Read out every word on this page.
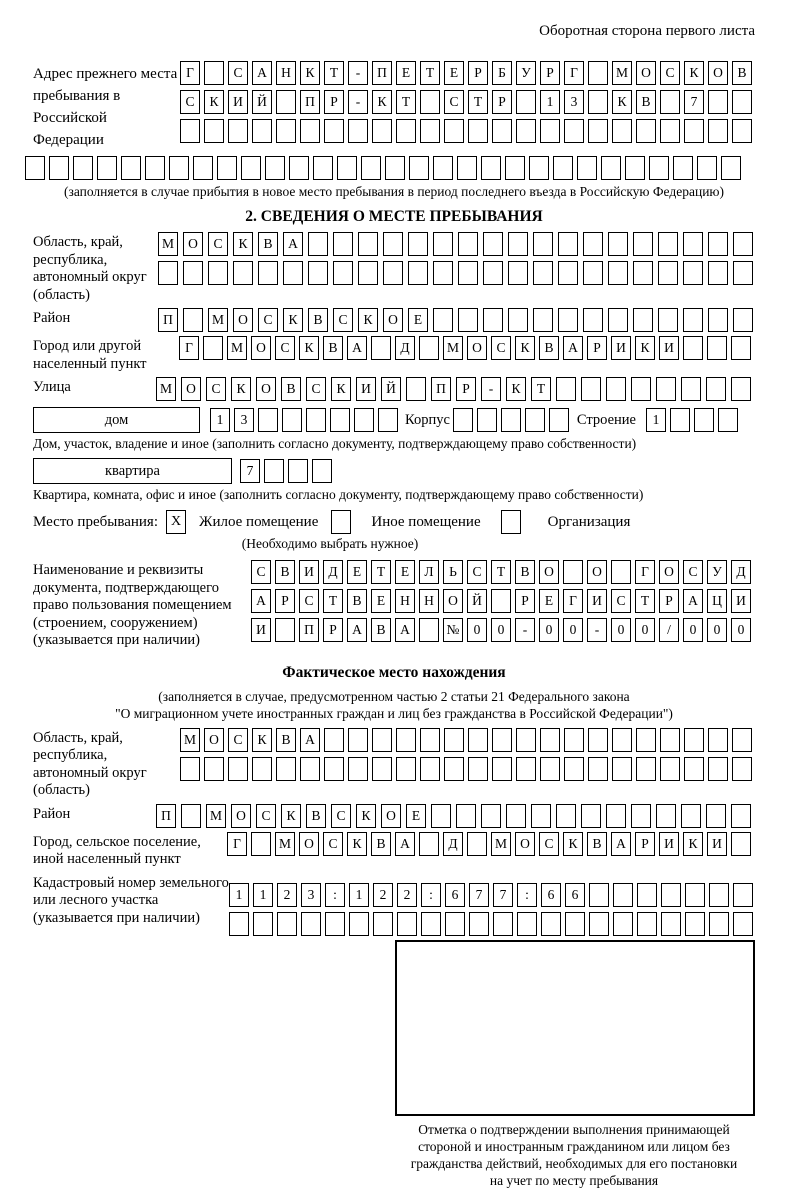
Оборотная сторона первого листа
Адрес прежнего места пребывания в Российской Федерации
Г	С	А	Н	К	Т	-	П	Е	Т	Е	Р	Б	У	Р	Г	М О	С	К	О	В
С	К	И	Й	П	Р	-	К	Т	С	Т	Р	1	3	К	В	7
(заполняется в случае прибытия в новое место пребывания в период последнего въезда в Российскую Федерацию)
2. СВЕДЕНИЯ О МЕСТЕ ПРЕБЫВАНИЯ
Область, край, республика, автономный округ (область)
М	О	С	К	В	А
Район	П	М	О	С	К	В	С	К	О	Е
Город или другой населенный пункт
Г	М О	С	К	В	А	Д	М О	С	К	В	А	Р	И	К	И
Улица	М	О	С	К	О	В	С	К	И	Й	П	Р	-	К	Т
дом	1	3	Корпус	Строение	1
Дом, участок, владение и иное (заполнить согласно документу, подтверждающему право собственности)
квартира	7
Квартира, комната, офис и иное (заполнить согласно документу, подтверждающему право собственности)
Место пребывания: X	Жилое помещение	Иное помещение	Организация
(Необходимо выбрать нужное)
Наименование и реквизиты документа, подтверждающего право пользования помещением (строением, сооружением) (указывается при наличии)
С	В	И	Д	Е	Т	Е	Л	Ь	С	Т	В	О	О	Г	О	С	У	Д
А	Р	С	Т	В	Е	Н	Н	О	Й	Р	Е	Г	И	С	Т	Р	А	Ц	И
И	П	Р	А	В	А	№	0	0	-	0	0	-	0	0	/	0	0	0
Фактическое место нахождения
(заполняется в случае, предусмотренном частью 2 статьи 21 Федерального закона
"О миграционном учете иностранных граждан и лиц без гражданства в Российской Федерации")
Область, край, республика, автономный округ (область)
М О	С	К	В	А
Район	П	М	О	С	К	В	С	К	О	Е
Город, сельское поселение, иной населенный пункт
Г	М О	С	К	В	А	Д	М О	С	К	В	А	Р	И	К	И
Кадастровый номер земельного или лесного участка (указывается при наличии)
1	1	2	3	:	1	2	2	:	6	7	7	:	6	6
Отметка о подтверждении выполнения принимающей стороной и иностранным гражданином или лицом без гражданства действий, необходимых для его постановки на учет по месту пребывания
